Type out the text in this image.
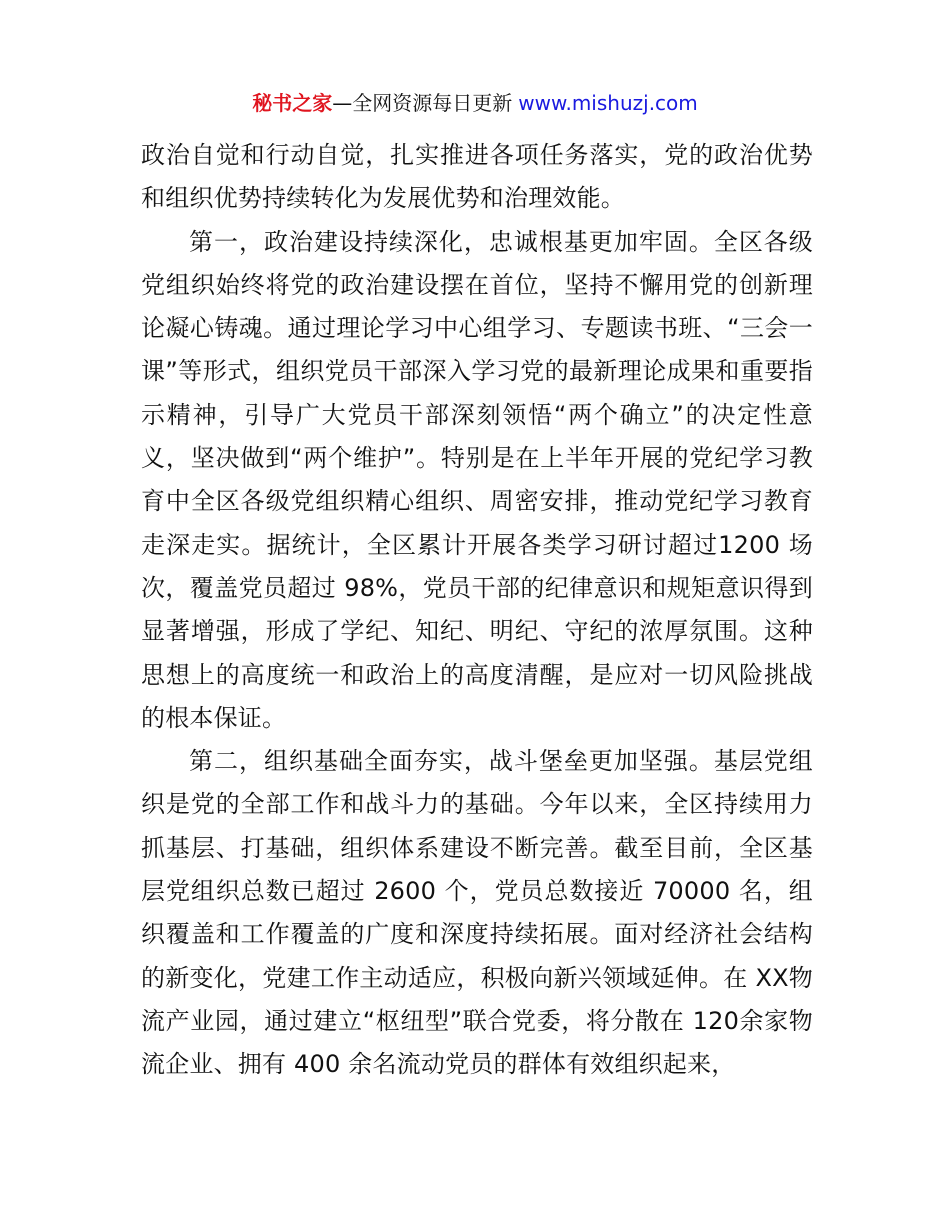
秘书之家—全网资源每日更新 www.mishuzj.com

政治自觉和行动自觉，扎实推进各项任务落实，党的政治优势和组织优势持续转化为发展优势和治理效能。

第一，政治建设持续深化，忠诚根基更加牢固。全区各级党组织始终将党的政治建设摆在首位，坚持不懈用党的创新理论凝心铸魂。通过理论学习中心组学习、专题读书班、“三会一课”等形式，组织党员干部深入学习党的最新理论成果和重要指示精神，引导广大党员干部深刻领悟“两个确立”的决定性意义，坚决做到“两个维护”。特别是在上半年开展的党纪学习教育中全区各级党组织精心组织、周密安排，推动党纪学习教育走深走实。据统计，全区累计开展各类学习研讨超过1200 场次，覆盖党员超过 98%，党员干部的纪律意识和规矩意识得到显著增强，形成了学纪、知纪、明纪、守纪的浓厚氛围。这种思想上的高度统一和政治上的高度清醒，是应对一切风险挑战的根本保证。

第二，组织基础全面夯实，战斗堡垒更加坚强。基层党组织是党的全部工作和战斗力的基础。今年以来，全区持续用力抓基层、打基础，组织体系建设不断完善。截至目前，全区基层党组织总数已超过 2600 个，党员总数接近 70000 名，组织覆盖和工作覆盖的广度和深度持续拓展。面对经济社会结构的新变化，党建工作主动适应，积极向新兴领域延伸。在 XX物流产业园，通过建立“枢纽型”联合党委，将分散在 120余家物流企业、拥有 400 余名流动党员的群体有效组织起来，
